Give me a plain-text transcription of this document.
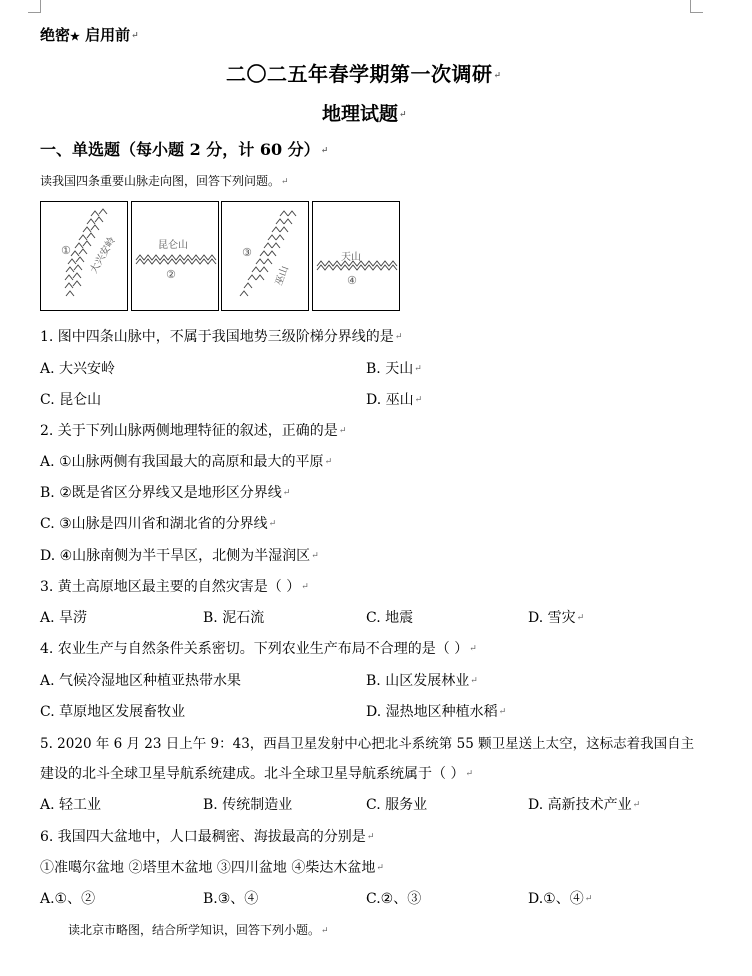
绝密★ 启用前 ↵
二〇二五年春学期第一次调研 ↵
地理试题 ↵
一、单选题（每小题 2 分，计 60 分） ↵
读我国四条重要山脉走向图，回答下列问题。 ↵
①	大兴安岭	昆仑山
②
③
巫山
天山
④
1. 图中四条山脉中，不属于我国地势三级阶梯分界线的是 ↵
A. 大兴安岭	B. 天山 ↵
C. 昆仑山	D. 巫山 ↵
2. 关于下列山脉两侧地理特征的叙述，正确的是 ↵
A. ①山脉两侧有我国最大的高原和最大的平原 ↵
B. ②既是省区分界线又是地形区分界线 ↵
C. ③山脉是四川省和湖北省的分界线 ↵
D. ④山脉南侧为半干旱区，北侧为半湿润区 ↵
3. 黄土高原地区最主要的自然灾害是（ ） ↵
A. 旱涝	B. 泥石流	C. 地震	D. 雪灾 ↵
4. 农业生产与自然条件关系密切。下列农业生产布局不合理的是（ ） ↵
A. 气候冷湿地区种植亚热带水果	B. 山区发展林业 ↵
C. 草原地区发展畜牧业	D. 湿热地区种植水稻 ↵
5. 2020 年 6 月 23 日上午 9：43，西昌卫星发射中心把北斗系统第 55 颗卫星送上太空，这标志着我国自主
建设的北斗全球卫星导航系统建成。北斗全球卫星导航系统属于（ ） ↵
A. 轻工业	B. 传统制造业	C. 服务业	D. 高新技术产业 ↵
6. 我国四大盆地中，人口最稠密、海拔最高的分别是 ↵
①准噶尔盆地 ②塔里木盆地 ③四川盆地 ④柴达木盆地 ↵
A.①、②	B.③、④	C.②、③	D.①、④ ↵
读北京市略图，结合所学知识，回答下列小题。 ↵
